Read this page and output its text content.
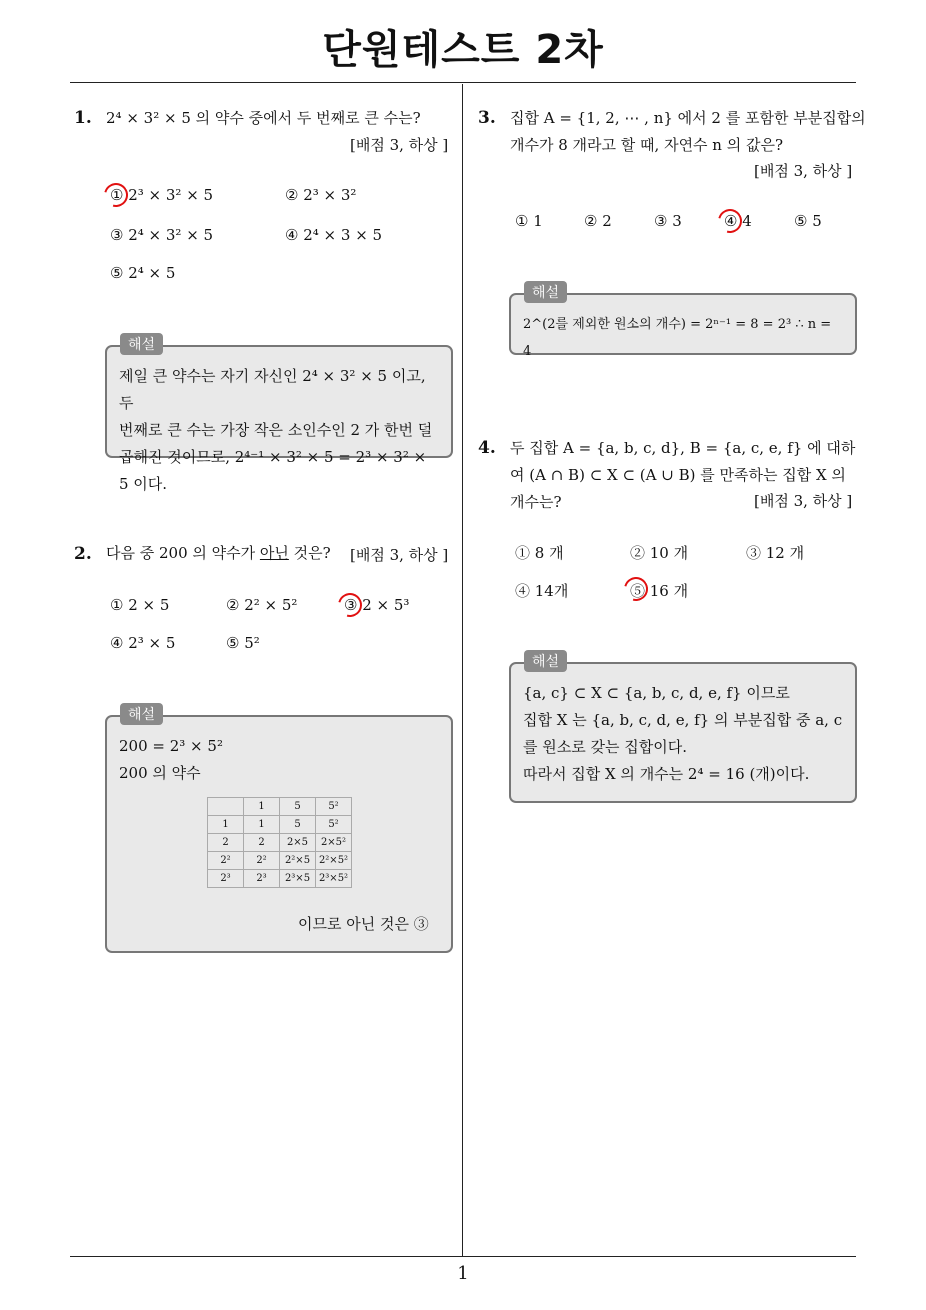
단원테스트 2차
1
1. 2⁴ × 3² × 5 의 약수 중에서 두 번째로 큰 수는?
[배점 3, 하상 ]
① 2³ × 3² × 5	② 2³ × 3²
③ 2⁴ × 3² × 5	④ 2⁴ × 3 × 5
⑤ 2⁴ × 5
제일 큰 약수는 자기 자신인 2⁴ × 3² × 5 이고, 두
번째로 큰 수는 가장 작은 소인수인 2 가 한번 덜
곱해진 것이므로, 2⁴⁻¹ × 3² × 5 = 2³ × 3² × 5 이다.
해설
2. 다음 중 200 의 약수가 아닌 것은? [배점 3, 하상 ]
① 2 × 5	② 2² × 5²	③ 2 × 5³
④ 2³ × 5	⑤ 5²
200 = 2³ × 5²
200 의 약수
이므로 아닌 것은 ③
	1	5	5²
1	1	5	5²
2	2	2×5	2×5²
2²	2²	2²×5	2²×5²
2³	2³	2³×5	2³×5²
해설
3. 집합 A = {1, 2, ⋯ , n} 에서 2 를 포함한 부분집합의
개수가 8 개라고 할 때, 자연수 n 의 값은?
[배점 3, 하상 ]
① 1	② 2	③ 3	④ 4	⑤ 5
2^(2를 제외한 원소의 개수) = 2ⁿ⁻¹ = 8 = 2³ ∴ n = 4
해설
4. 두 집합 A = {a, b, c, d}, B = {a, c, e, f} 에 대하
여 (A ∩ B) ⊂ X ⊂ (A ∪ B) 를 만족하는 집합 X 의
개수는?	[배점 3, 하상 ]
① 8 개	② 10 개	③ 12 개
④ 14개	⑤ 16 개
{a, c} ⊂ X ⊂ {a, b, c, d, e, f} 이므로
집합 X 는 {a, b, c, d, e, f} 의 부분집합 중 a, c
를 원소로 갖는 집합이다.
따라서 집합 X 의 개수는 2⁴ = 16 (개)이다.
해설
